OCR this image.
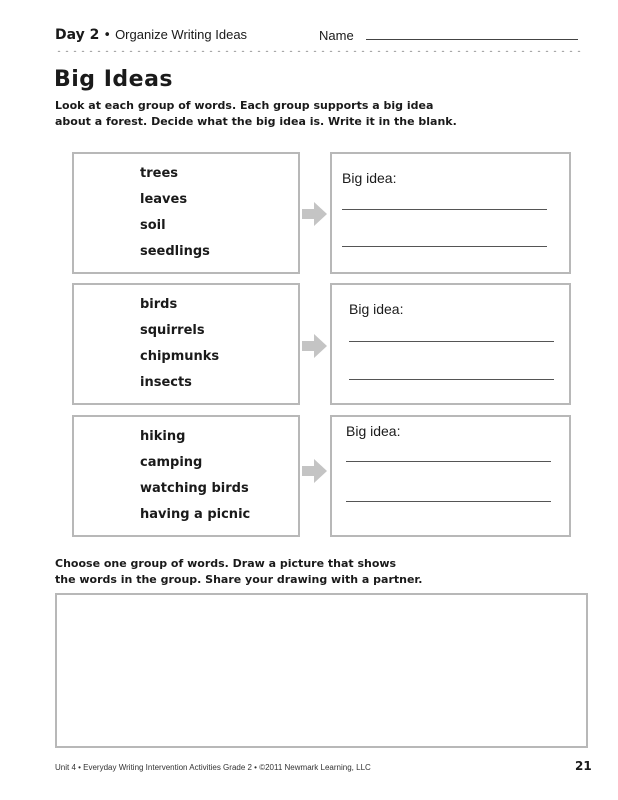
Day 2 • Organize Writing Ideas	Name
Big Ideas
Look at each group of words. Each group supports a big idea
about a forest. Decide what the big idea is. Write it in the blank.
trees
leaves
soil
seedlings
Big idea:
birds
squirrels
chipmunks
insects
Big idea:
hiking
camping
watching birds
having a picnic
Big idea:
Choose one group of words. Draw a picture that shows
the words in the group. Share your drawing with a partner.
Unit 4 • Everyday Writing Intervention Activities Grade 2 • ©2011 Newmark Learning, LLC	21
